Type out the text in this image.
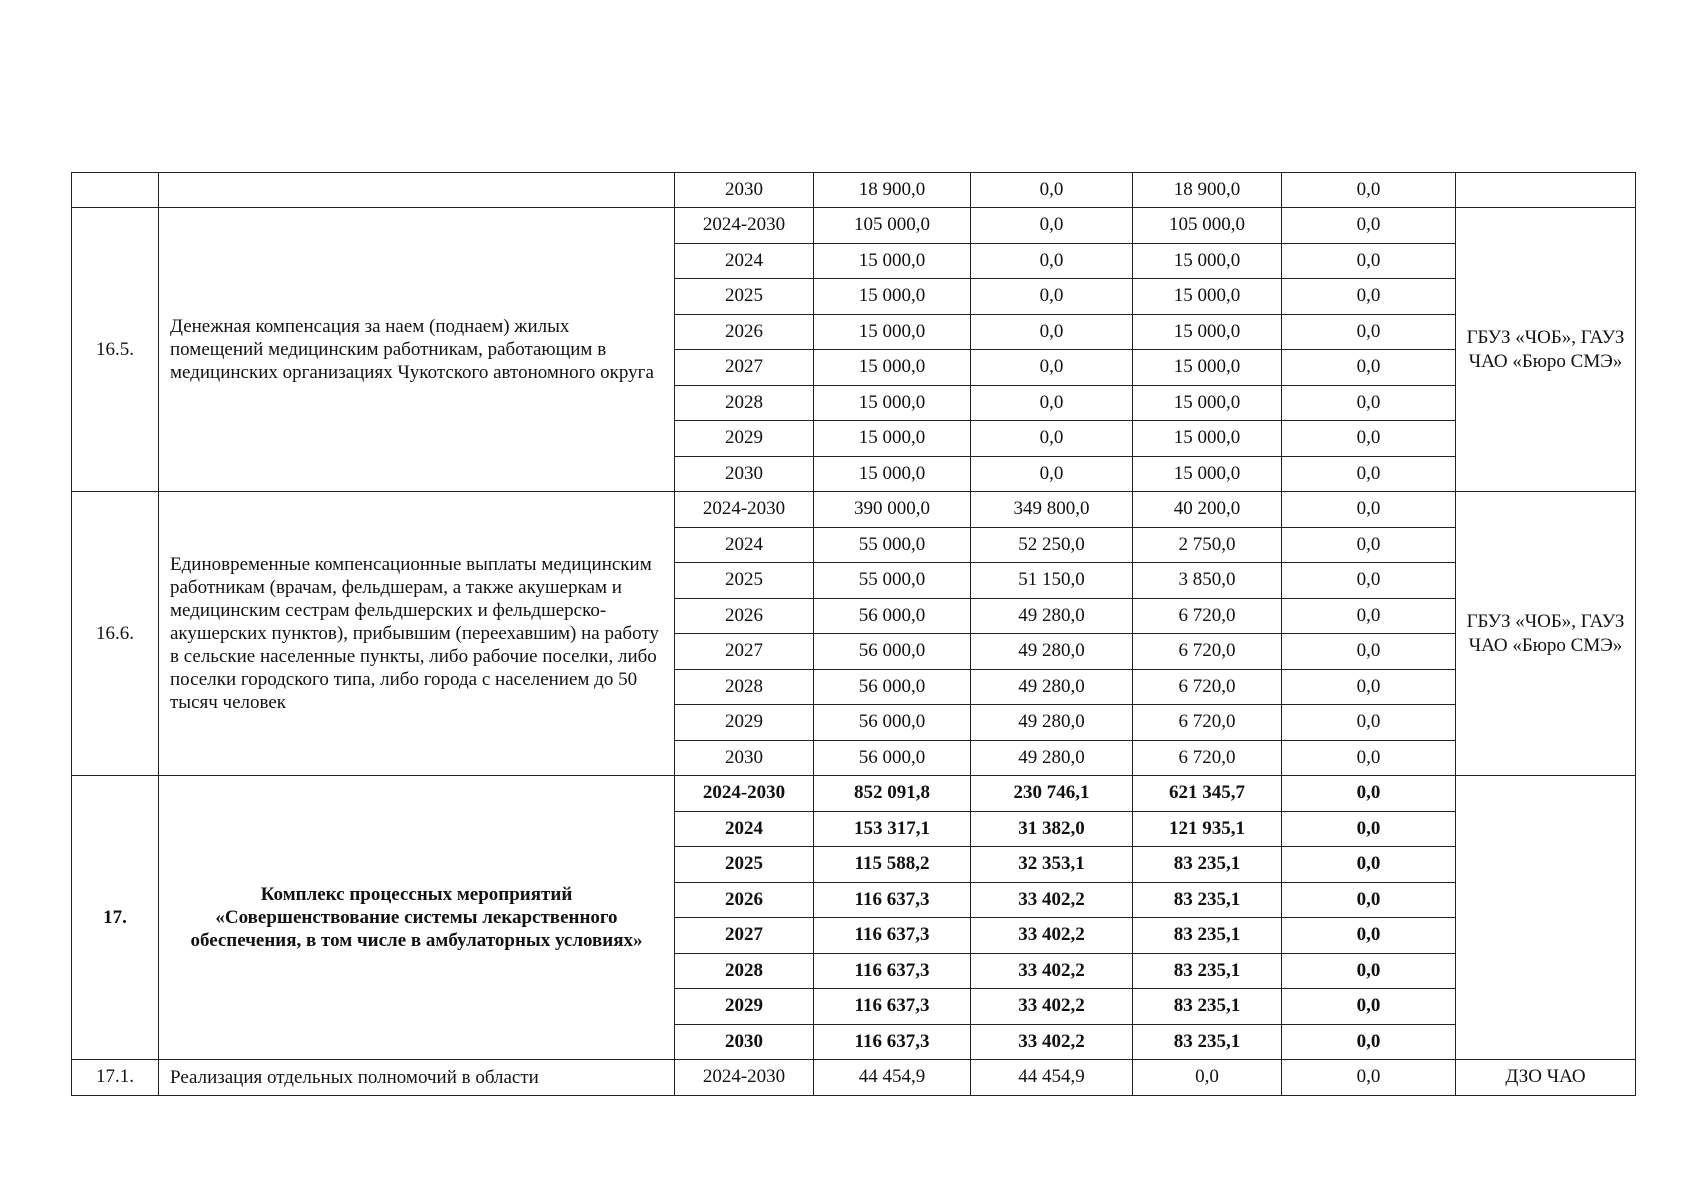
		2030	18 900,0	0,0	18 900,0	0,0	
16.5.	Денежная компенсация за наем (поднаем) жилых помещений медицинским работникам, работающим в медицинских организациях Чукотского автономного округа	2024-2030	105 000,0	0,0	105 000,0	0,0	ГБУЗ «ЧОБ», ГАУЗ ЧАО «Бюро СМЭ»
		2024	15 000,0	0,0	15 000,0	0,0	
		2025	15 000,0	0,0	15 000,0	0,0	
		2026	15 000,0	0,0	15 000,0	0,0	
		2027	15 000,0	0,0	15 000,0	0,0	
		2028	15 000,0	0,0	15 000,0	0,0	
		2029	15 000,0	0,0	15 000,0	0,0	
		2030	15 000,0	0,0	15 000,0	0,0	
16.6.	Единовременные компенсационные выплаты медицинским работникам (врачам, фельдшерам, а также акушеркам и медицинским сестрам фельдшерских и фельдшерско-акушерских пунктов), прибывшим (переехавшим) на работу в сельские населенные пункты, либо рабочие поселки, либо поселки городского типа, либо города с населением до 50 тысяч человек	2024-2030	390 000,0	349 800,0	40 200,0	0,0	ГБУЗ «ЧОБ», ГАУЗ ЧАО «Бюро СМЭ»
		2024	55 000,0	52 250,0	2 750,0	0,0	
		2025	55 000,0	51 150,0	3 850,0	0,0	
		2026	56 000,0	49 280,0	6 720,0	0,0	
		2027	56 000,0	49 280,0	6 720,0	0,0	
		2028	56 000,0	49 280,0	6 720,0	0,0	
		2029	56 000,0	49 280,0	6 720,0	0,0	
		2030	56 000,0	49 280,0	6 720,0	0,0	
17.	Комплекс процессных мероприятий «Совершенствование системы лекарственного обеспечения, в том числе в амбулаторных условиях»	2024-2030	852 091,8	230 746,1	621 345,7	0,0	
		2024	153 317,1	31 382,0	121 935,1	0,0	
		2025	115 588,2	32 353,1	83 235,1	0,0	
		2026	116 637,3	33 402,2	83 235,1	0,0	
		2027	116 637,3	33 402,2	83 235,1	0,0	
		2028	116 637,3	33 402,2	83 235,1	0,0	
		2029	116 637,3	33 402,2	83 235,1	0,0	
		2030	116 637,3	33 402,2	83 235,1	0,0	
17.1.	Реализация отдельных полномочий в области	2024-2030	44 454,9	44 454,9	0,0	0,0	ДЗО ЧАО
